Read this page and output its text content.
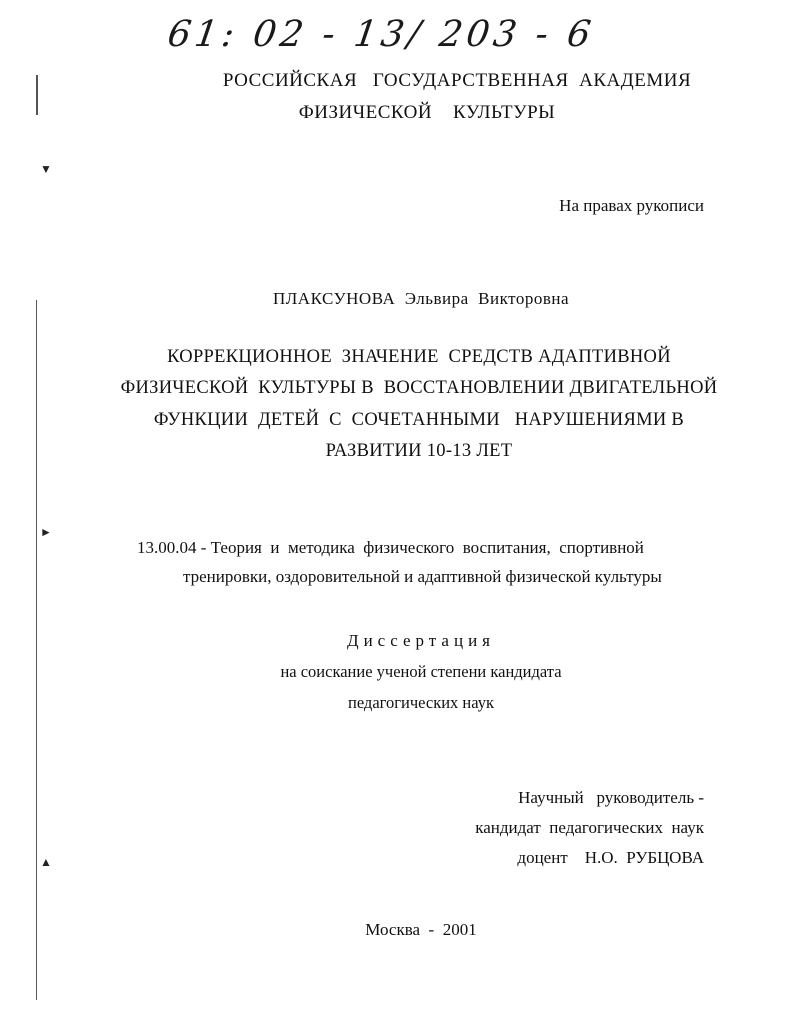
61: 02 - 13/ 203 - 6
▼
►
▲
РОССИЙСКАЯ   ГОСУДАРСТВЕННАЯ  АКАДЕМИЯ
ФИЗИЧЕСКОЙ    КУЛЬТУРЫ
На правах рукописи
ПЛАКСУНОВА  Эльвира  Викторовна
КОРРЕКЦИОННОЕ  ЗНАЧЕНИЕ  СРЕДСТВ АДАПТИВНОЙ
ФИЗИЧЕСКОЙ  КУЛЬТУРЫ В  ВОССТАНОВЛЕНИИ ДВИГАТЕЛЬНОЙ
ФУНКЦИИ  ДЕТЕЙ  С  СОЧЕТАННЫМИ   НАРУШЕНИЯМИ В
РАЗВИТИИ 10-13 ЛЕТ
13.00.04 - Теория  и  методика  физического  воспитания,  спортивной
тренировки, оздоровительной и адаптивной физической культуры
Диссертация
на соискание ученой степени кандидата
педагогических наук
Научный   руководитель -
кандидат  педагогических  наук
доцент    Н.О.  РУБЦОВА
Москва  -  2001
